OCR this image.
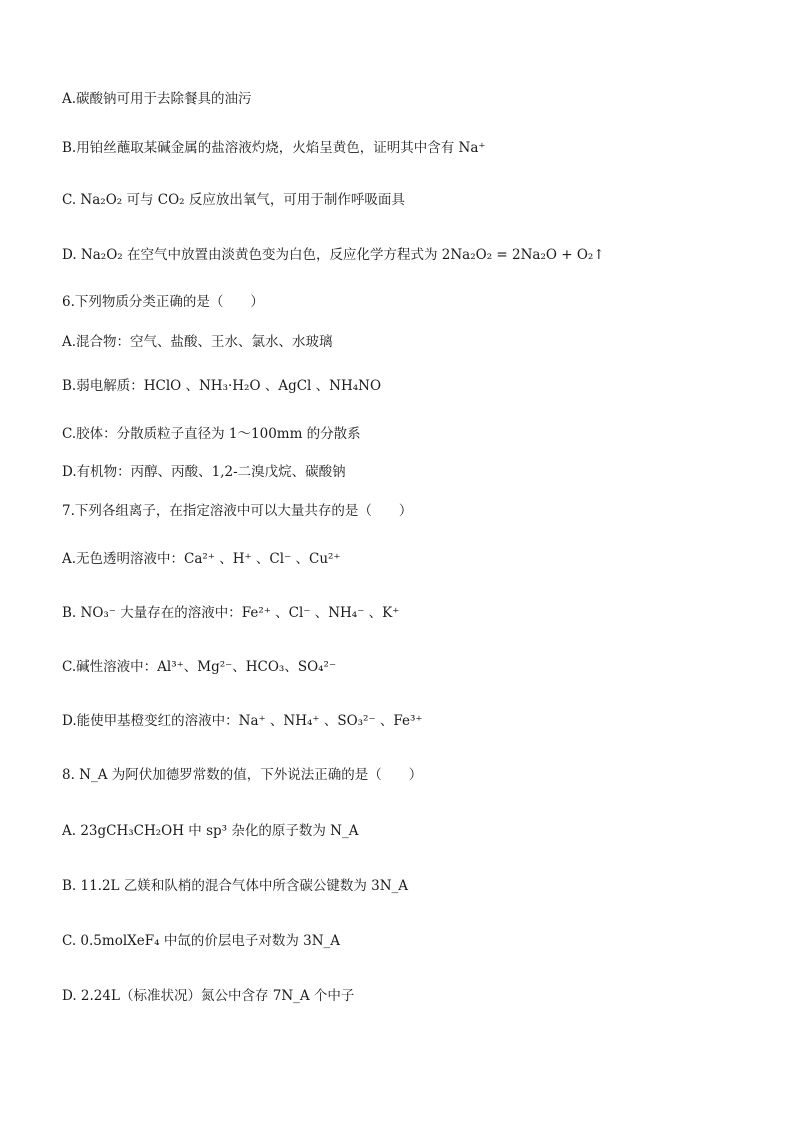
A.碳酸钠可用于去除餐具的油污
B.用铂丝蘸取某碱金属的盐溶液灼烧，火焰呈黄色，证明其中含有 Na⁺
C. Na₂O₂ 可与 CO₂ 反应放出氧气，可用于制作呼吸面具
D. Na₂O₂ 在空气中放置由淡黄色变为白色，反应化学方程式为 2Na₂O₂ = 2Na₂O + O₂↑
6.下列物质分类正确的是（　　）
A.混合物：空气、盐酸、王水、氯水、水玻璃
B.弱电解质：HClO 、NH₃·H₂O 、AgCl 、NH₄NO
C.胶体：分散质粒子直径为 1～100mm 的分散系
D.有机物：丙醇、丙酸、1,2-二溴戊烷、碳酸钠
7.下列各组离子，在指定溶液中可以大量共存的是（　　）
A.无色透明溶液中：Ca²⁺ 、H⁺ 、Cl⁻ 、Cu²⁺
B. NO₃⁻ 大量存在的溶液中：Fe²⁺ 、Cl⁻ 、NH₄⁻ 、K⁺
C.碱性溶液中：Al³⁺、Mg²⁻、HCO₃、SO₄²⁻
D.能使甲基橙变红的溶液中：Na⁺ 、NH₄⁺ 、SO₃²⁻ 、Fe³⁺
8. N_A 为阿伏加德罗常数的值，下外说法正确的是（　　）
A. 23gCH₃CH₂OH 中 sp³ 杂化的原子数为 N_A
B. 11.2L 乙媄和队梢的混合气体中所含碳公键数为 3N_A
C. 0.5molXeF₄ 中氙的价层电子对数为 3N_A
D. 2.24L（标准状况）氮公中含存 7N_A 个中子
